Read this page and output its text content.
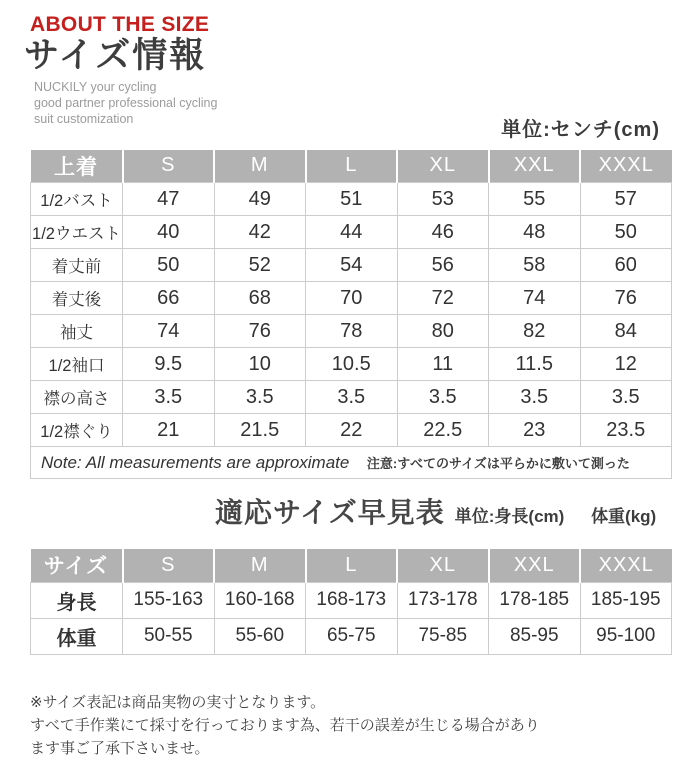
ABOUT THE SIZE
サイズ情報
NUCKILY your cycling
good partner professional cycling
suit customization	単位:センチ(cm)
上着	S	M	L	XL	XXL	XXXL
1/2バスト	47	49	51	53	55	57
1/2ウエスト	40	42	44	46	48	50
着丈前	50	52	54	56	58	60
着丈後	66	68	70	72	74	76
袖丈	74	76	78	80	82	84
1/2袖口	9.5	10	10.5	11	11.5	12
襟の高さ	3.5	3.5	3.5	3.5	3.5	3.5
1/2襟ぐり	21	21.5	22	22.5	23	23.5
Note: All measurements are approximate 注意:すべてのサイズは平らかに敷いて測った						
適応サイズ早見表 単位:身長(cm) 体重(kg)
サイズ	S	M	L	XL	XXL	XXXL
身長	155-163	160-168	168-173	173-178	178-185	185-195
体重	50-55	55-60	65-75	75-85	85-95	95-100
※サイズ表記は商品実物の実寸となります。
すべて手作業にて採寸を行っております為、若干の誤差が生じる場合があり
ます事ご了承下さいませ。
